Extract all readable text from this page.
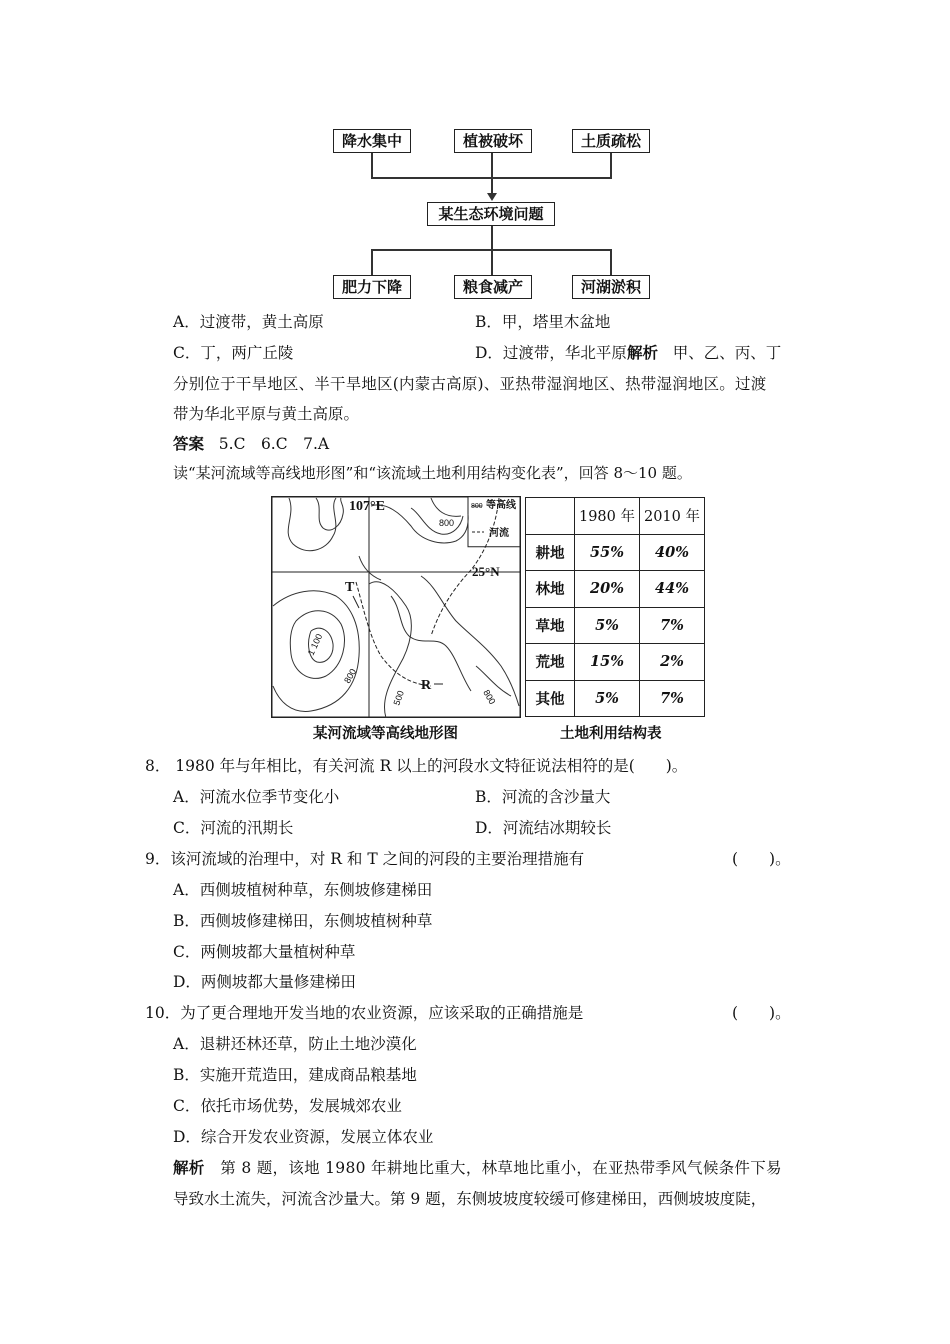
降水集中	植被破坏	土质疏松
某生态环境问题
肥力下降	粮食减产	河湖淤积
A．过渡带，黄土高原	B．甲，塔里木盆地
C．丁，两广丘陵	D．过渡带，华北平原解析 甲、乙、丙、丁
分别位于干旱地区、半干旱地区(内蒙古高原)、亚热带湿润地区、热带湿润地区。过渡
带为华北平原与黄土高原。
答案 5.C　6.C　7.A
读“某河流域等高线地形图”和“该流域土地利用结构变化表”，回答 8～10 题。
107°E
25°N
800 等高线
河流
800
1 100
800
500	800
T
R
某河流域等高线地形图
	1980 年	2010 年
耕地	55%	40%
林地	20%	44%
草地	5%	7%
荒地	15%	2%
其他	5%	7%
土地利用结构表
8． 1980 年与年相比，有关河流 R 以上的河段水文特征说法相符的是(　　)。
A．河流水位季节变化小	B．河流的含沙量大
C．河流的汛期长	D．河流结冰期较长
9．该河流域的治理中，对 R 和 T 之间的河段的主要治理措施有	(　　)。
A．西侧坡植树种草，东侧坡修建梯田
B．西侧坡修建梯田，东侧坡植树种草
C．两侧坡都大量植树种草
D．两侧坡都大量修建梯田
10．为了更合理地开发当地的农业资源，应该采取的正确措施是	(　　)。
A．退耕还林还草，防止土地沙漠化
B．实施开荒造田，建成商品粮基地
C．依托市场优势，发展城郊农业
D．综合开发农业资源，发展立体农业
解析 第 8 题，该地 1980 年耕地比重大，林草地比重小，在亚热带季风气候条件下易
导致水土流失，河流含沙量大。第 9 题，东侧坡坡度较缓可修建梯田，西侧坡坡度陡，
